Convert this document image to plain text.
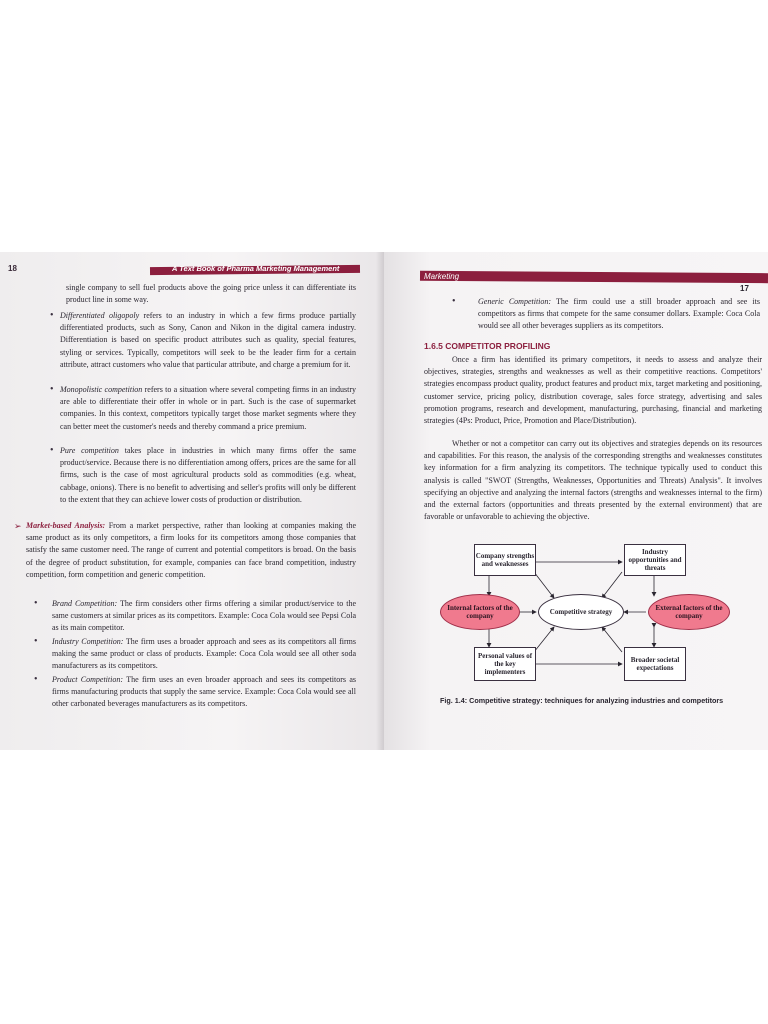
18	A Text Book of Pharma Marketing Management
single company to sell fuel products above the going price unless it can differentiate its product line in some way.
• Differentiated oligopoly refers to an industry in which a few firms produce partially differentiated products, such as Sony, Canon and Nikon in the digital camera industry. Differentiation is based on specific product attributes such as quality, special features, styling or services. Typically, competitors will seek to be the leader firm for a certain attribute, attract customers who value that particular attribute, and charge a premium for it.
• Monopolistic competition refers to a situation where several competing firms in an industry are able to differentiate their offer in whole or in part. Such is the case of supermarket companies. In this context, competitors typically target those market segments where they can better meet the customer's needs and thereby command a price premium.
• Pure competition takes place in industries in which many firms offer the same product/service. Because there is no differentiation among offers, prices are the same for all firms, such is the case of most agricultural products sold as commodities (e.g. wheat, cabbage, onions). There is no benefit to advertising and seller's profits will only be different to the extent that they can achieve lower costs of production or distribution.
➢ Market-based Analysis: From a market perspective, rather than looking at companies making the same product as its only competitors, a firm looks for its competitors among those companies that satisfy the same customer need. The range of current and potential competitors is broad. On the basis of the degree of product substitution, for example, companies can face brand competition, industry competition, form competition and generic competition.
• Brand Competition: The firm considers other firms offering a similar product/service to the same customers at similar prices as its competitors. Example: Coca Cola would see Pepsi Cola as its main competitor.
• Industry Competition: The firm uses a broader approach and sees as its competitors all firms making the same product or class of products. Example: Coca Cola would see all other soda manufacturers as its competitors.
• Product Competition: The firm uses an even broader approach and sees its competitors as firms manufacturing products that supply the same service. Example: Coca Cola would see all other carbonated beverages manufacturers as its competitors.
Marketing
17
•	Generic Competition: The firm could use a still broader approach and see its competitors as firms that compete for the same consumer dollars. Example: Coca Cola would see all other beverages suppliers as its competitors.
1.6.5 COMPETITOR PROFILING
Once a firm has identified its primary competitors, it needs to assess and analyze their objectives, strategies, strengths and weaknesses as well as their competitive reactions. Competitors' strategies encompass product quality, product features and product mix, target marketing and positioning, customer service, pricing policy, distribution coverage, sales force strategy, advertising and sales promotion programs, research and development, manufacturing, purchasing, financial and marketing strategies (4Ps: Product, Price, Promotion and Place/Distribution).
Whether or not a competitor can carry out its objectives and strategies depends on its resources and capabilities. For this reason, the analysis of the corresponding strengths and weaknesses constitutes key information for a firm analyzing its competitors. The technique typically used to conduct this analysis is called "SWOT (Strengths, Weaknesses, Opportunities and Threats) Analysis". It involves specifying an objective and analyzing the internal factors (strengths and weaknesses internal to the firm) and the external factors (opportunities and threats presented by the external environment) that are favorable or unfavorable to achieving the objective.
Company strengths and weaknesses
Industry opportunities and threats
Internal factors of the company	Competitive strategy	External factors of the company
Personal values of the key implementers
Broader societal expectations
Fig. 1.4: Competitive strategy: techniques for analyzing industries and competitors
